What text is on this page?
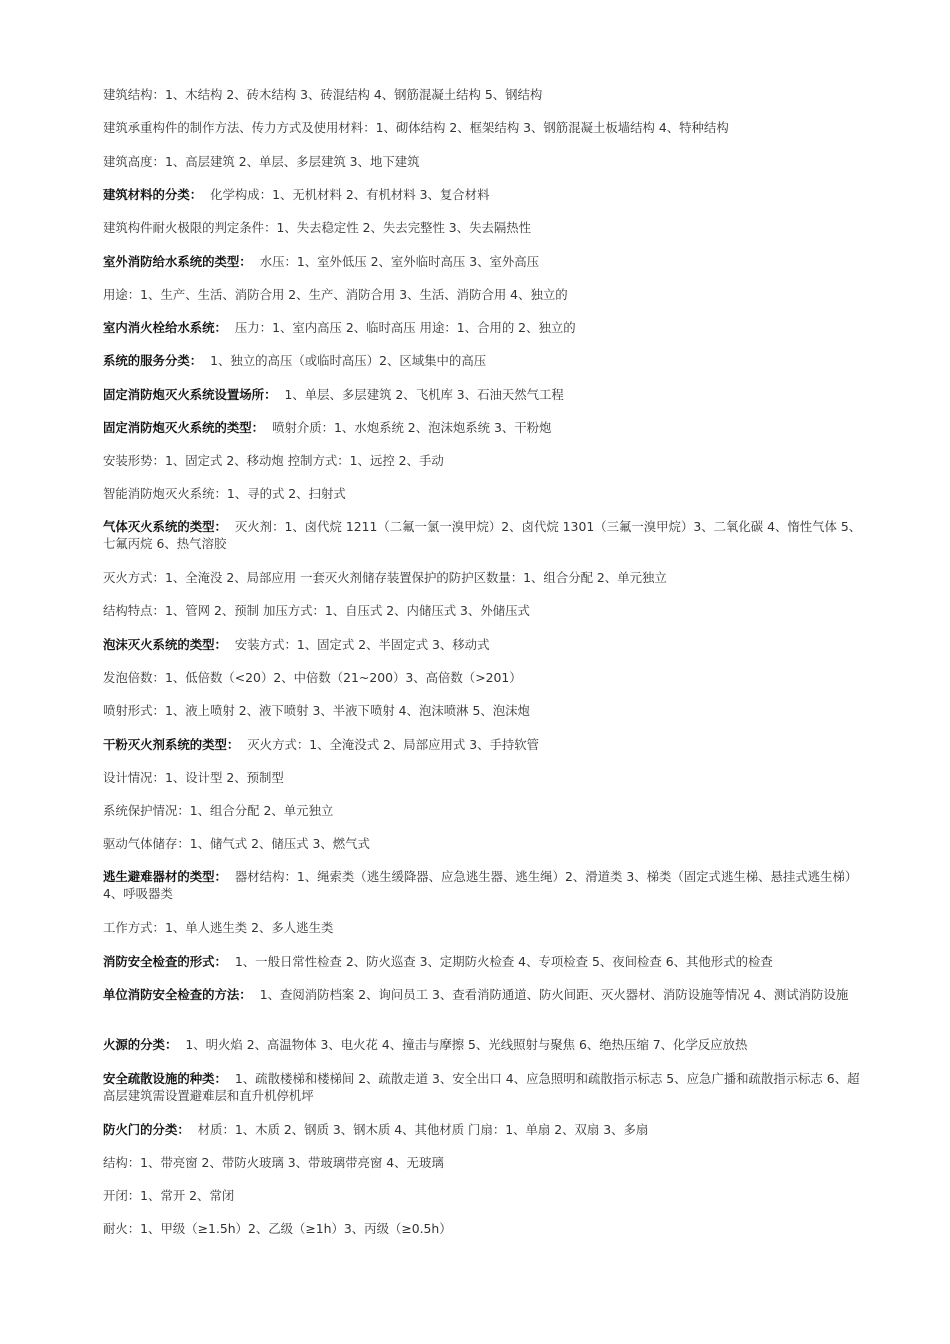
建筑结构：1、木结构 2、砖木结构 3、砖混结构 4、钢筋混凝土结构 5、钢结构

建筑承重构件的制作方法、传力方式及使用材料：1、砌体结构 2、框架结构 3、钢筋混凝土板墙结构 4、特种结构

建筑高度：1、高层建筑 2、单层、多层建筑 3、地下建筑

建筑材料的分类： 化学构成：1、无机材料 2、有机材料 3、复合材料

建筑构件耐火极限的判定条件：1、失去稳定性 2、失去完整性 3、失去隔热性

室外消防给水系统的类型： 水压：1、室外低压 2、室外临时高压 3、室外高压

用途：1、生产、生活、消防合用 2、生产、消防合用 3、生活、消防合用 4、独立的

室内消火栓给水系统： 压力：1、室内高压 2、临时高压 用途：1、合用的 2、独立的

系统的服务分类： 1、独立的高压（或临时高压）2、区域集中的高压

固定消防炮灭火系统设置场所： 1、单层、多层建筑 2、飞机库 3、石油天然气工程

固定消防炮灭火系统的类型： 喷射介质：1、水炮系统 2、泡沫炮系统 3、干粉炮

安装形势：1、固定式 2、移动炮 控制方式：1、远控 2、手动

智能消防炮灭火系统：1、寻的式 2、扫射式

气体灭火系统的类型： 灭火剂：1、卤代烷 1211（二氟一氯一溴甲烷）2、卤代烷 1301（三氟一溴甲烷）3、二氧化碳 4、惰性气体 5、七氟丙烷 6、热气溶胶

灭火方式：1、全淹没 2、局部应用 一套灭火剂储存装置保护的防护区数量：1、组合分配 2、单元独立

结构特点：1、管网 2、预制 加压方式：1、自压式 2、内储压式 3、外储压式

泡沫灭火系统的类型： 安装方式：1、固定式 2、半固定式 3、移动式

发泡倍数：1、低倍数（<20）2、中倍数（21~200）3、高倍数（>201）

喷射形式：1、液上喷射 2、液下喷射 3、半液下喷射 4、泡沫喷淋 5、泡沫炮

干粉灭火剂系统的类型： 灭火方式：1、全淹没式 2、局部应用式 3、手持软管

设计情况：1、设计型 2、预制型

系统保护情况：1、组合分配 2、单元独立

驱动气体储存：1、储气式 2、储压式 3、燃气式

逃生避难器材的类型： 器材结构：1、绳索类（逃生缓降器、应急逃生器、逃生绳）2、滑道类 3、梯类（固定式逃生梯、悬挂式逃生梯）4、呼吸器类

工作方式：1、单人逃生类 2、多人逃生类

消防安全检查的形式： 1、一般日常性检查 2、防火巡查 3、定期防火检查 4、专项检查 5、夜间检查 6、其他形式的检查

单位消防安全检查的方法： 1、查阅消防档案 2、询问员工 3、查看消防通道、防火间距、灭火器材、消防设施等情况 4、测试消防设施

火源的分类： 1、明火焰 2、高温物体 3、电火花 4、撞击与摩擦 5、光线照射与聚焦 6、绝热压缩 7、化学反应放热

安全疏散设施的种类： 1、疏散楼梯和楼梯间 2、疏散走道 3、安全出口 4、应急照明和疏散指示标志 5、应急广播和疏散指示标志 6、超高层建筑需设置避难层和直升机停机坪

防火门的分类： 材质：1、木质 2、钢质 3、钢木质 4、其他材质 门扇：1、单扇 2、双扇 3、多扇

结构：1、带亮窗 2、带防火玻璃 3、带玻璃带亮窗 4、无玻璃

开闭：1、常开 2、常闭

耐火：1、甲级（≥1.5h）2、乙级（≥1h）3、丙级（≥0.5h）
